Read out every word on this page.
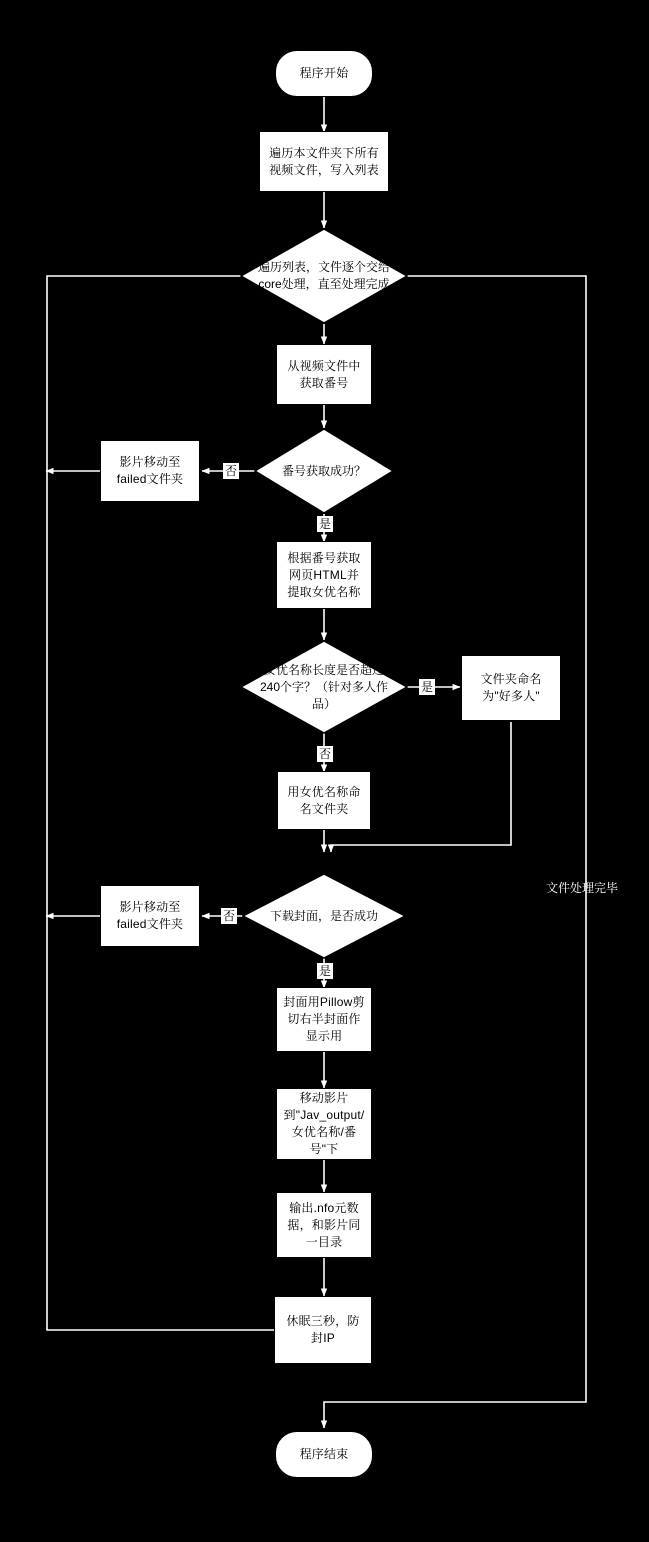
程序开始
遍历本文件夹下所有视频文件，写入列表
遍历列表，文件逐个交给core处理，直至处理完成
从视频文件中获取番号
番号获取成功？
影片移动至failed文件夹
根据番号获取网页HTML并提取女优名称
女优名称长度是否超过240个字？（针对多人作品）
文件夹命名为"好多人"
用女优名称命名文件夹
下载封面，是否成功
影片移动至failed文件夹
封面用Pillow剪切右半封面作显示用
移动影片到"Jav_output/女优名称/番号"下
输出.nfo元数据，和影片同一目录
休眠三秒，防封IP
程序结束
否
是
是
否
否
是
文件处理完毕
